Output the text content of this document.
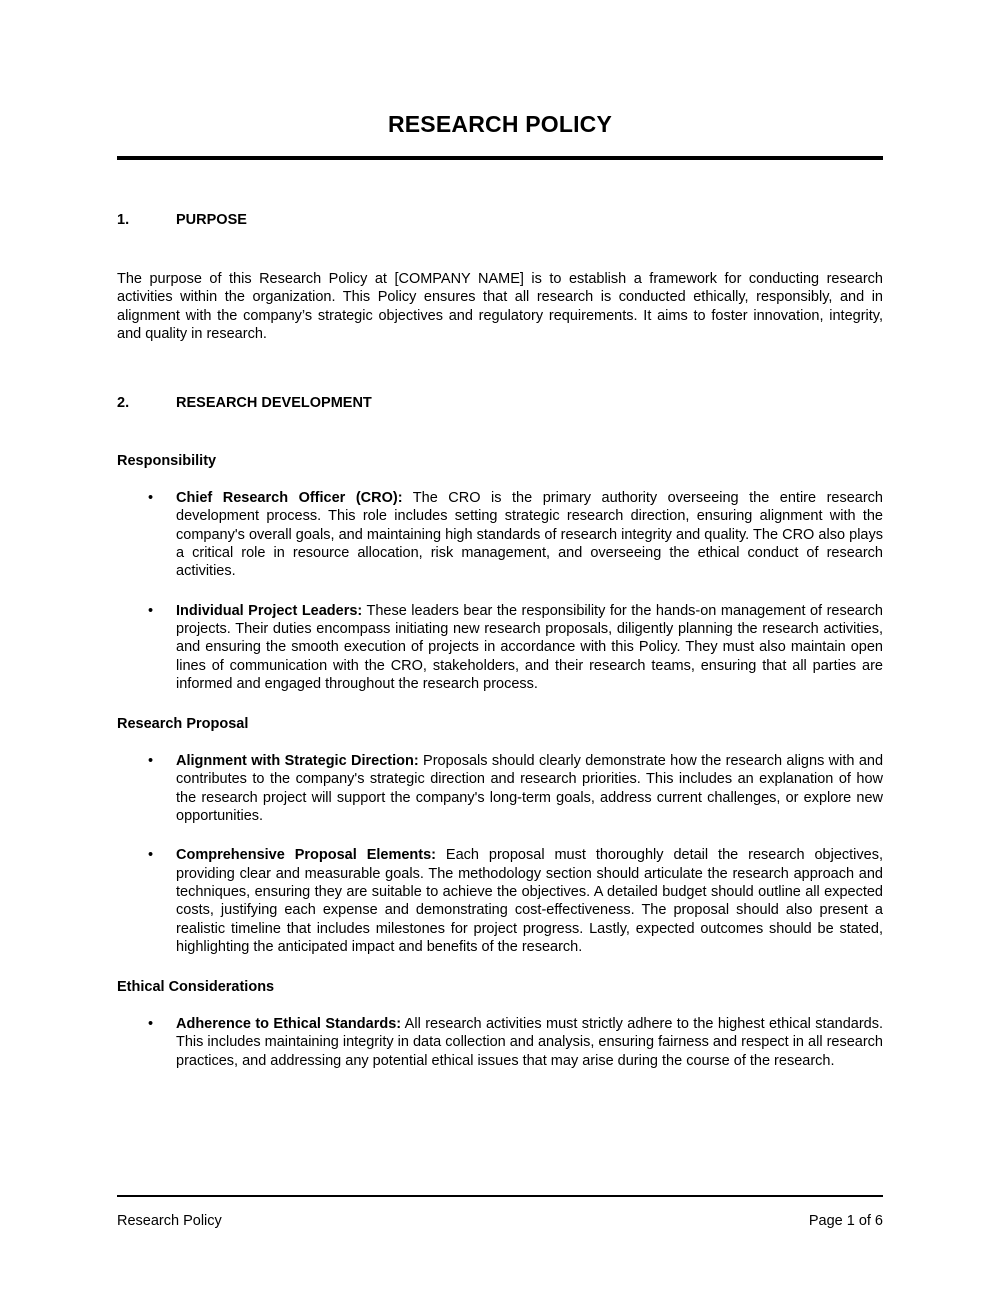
RESEARCH POLICY
1.	PURPOSE

The purpose of this Research Policy at [COMPANY NAME] is to establish a framework for conducting research activities within the organization. This Policy ensures that all research is conducted ethically, responsibly, and in alignment with the company’s strategic objectives and regulatory requirements. It aims to foster innovation, integrity, and quality in research.

2.	RESEARCH DEVELOPMENT
Responsibility
•	Chief Research Officer (CRO): The CRO is the primary authority overseeing the entire research development process. This role includes setting strategic research direction, ensuring alignment with the company's overall goals, and maintaining high standards of research integrity and quality. The CRO also plays a critical role in resource allocation, risk management, and overseeing the ethical conduct of research activities.
•	Individual Project Leaders: These leaders bear the responsibility for the hands-on management of research projects. Their duties encompass initiating new research proposals, diligently planning the research activities, and ensuring the smooth execution of projects in accordance with this Policy. They must also maintain open lines of communication with the CRO, stakeholders, and their research teams, ensuring that all parties are informed and engaged throughout the research process.
Research Proposal
•	Alignment with Strategic Direction: Proposals should clearly demonstrate how the research aligns with and contributes to the company's strategic direction and research priorities. This includes an explanation of how the research project will support the company's long-term goals, address current challenges, or explore new opportunities.
•	Comprehensive Proposal Elements: Each proposal must thoroughly detail the research objectives, providing clear and measurable goals. The methodology section should articulate the research approach and techniques, ensuring they are suitable to achieve the objectives. A detailed budget should outline all expected costs, justifying each expense and demonstrating cost-effectiveness. The proposal should also present a realistic timeline that includes milestones for project progress. Lastly, expected outcomes should be stated, highlighting the anticipated impact and benefits of the research.
Ethical Considerations
•	Adherence to Ethical Standards: All research activities must strictly adhere to the highest ethical standards. This includes maintaining integrity in data collection and analysis, ensuring fairness and respect in all research practices, and addressing any potential ethical issues that may arise during the course of the research.
Research Policy	Page 1 of 6
